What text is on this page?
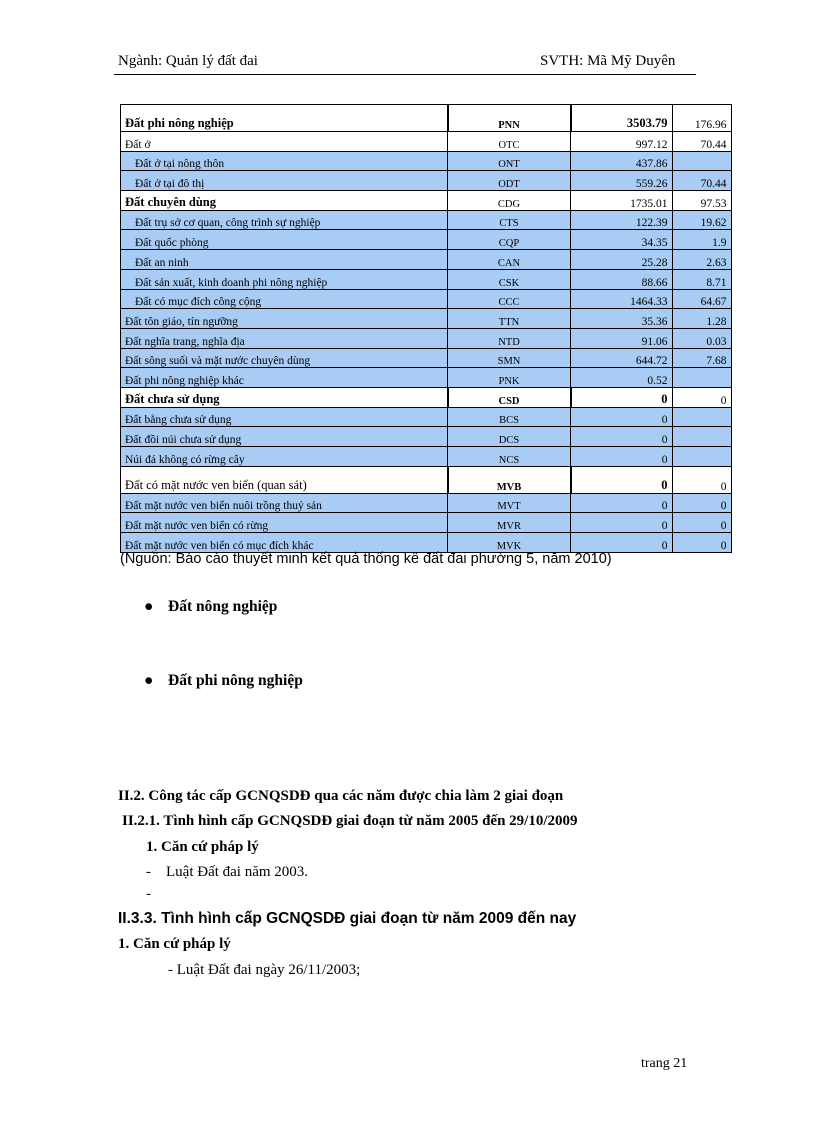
Ngành: Quản lý đất đai	SVTH: Mã Mỹ Duyên
Đất phi nông nghiệp	PNN	3503.79	176.96
Đất ở	OTC	997.12	70.44
Đất ở tại nông thôn	ONT	437.86	
Đất ở tại đô thị	ODT	559.26	70.44
Đất chuyên dùng	CDG	1735.01	97.53
Đất trụ sở cơ quan, công trình sự nghiệp	CTS	122.39	19.62
Đất quốc phòng	CQP	34.35	1.9
Đất an ninh	CAN	25.28	2.63
Đất sản xuất, kinh doanh phi nông nghiệp	CSK	88.66	8.71
Đất có mục đích công cộng	CCC	1464.33	64.67
Đất tôn giáo, tín ngưỡng	TTN	35.36	1.28
Đất nghĩa trang, nghĩa địa	NTD	91.06	0.03
Đất sông suối và mặt nước chuyên dùng	SMN	644.72	7.68
Đất phi nông nghiệp khác	PNK	0.52	
Đất chưa sử dụng	CSD	0	0
Đất bằng chưa sử dụng	BCS	0	
Đất đồi núi chưa sử dụng	DCS	0	
Núi đá không có rừng cây	NCS	0	
Đất có mặt nước ven biển (quan sát)	MVB	0	0
Đất mặt nước ven biển nuôi trồng thuỷ sản	MVT	0	0
Đất mặt nước ven biển có rừng	MVR	0	0
Đất mặt nước ven biển có mục đích khác	MVK	0	0
(Nguồn: Báo cáo thuyết minh kết quả thống kê đất đai phường 5, năm 2010)
● Đất nông nghiệp
● Đất phi nông nghiệp
II.2. Công tác cấp GCNQSDĐ qua các năm được chia làm 2 giai đoạn
II.2.1. Tình hình cấp GCNQSDĐ giai đoạn từ năm 2005 đến 29/10/2009
1. Căn cứ pháp lý
-    Luật Đất đai năm 2003.
-
II.3.3. Tình hình cấp GCNQSDĐ giai đoạn từ năm 2009 đến nay
1. Căn cứ pháp lý
- Luật Đất đai ngày 26/11/2003;
trang 21
